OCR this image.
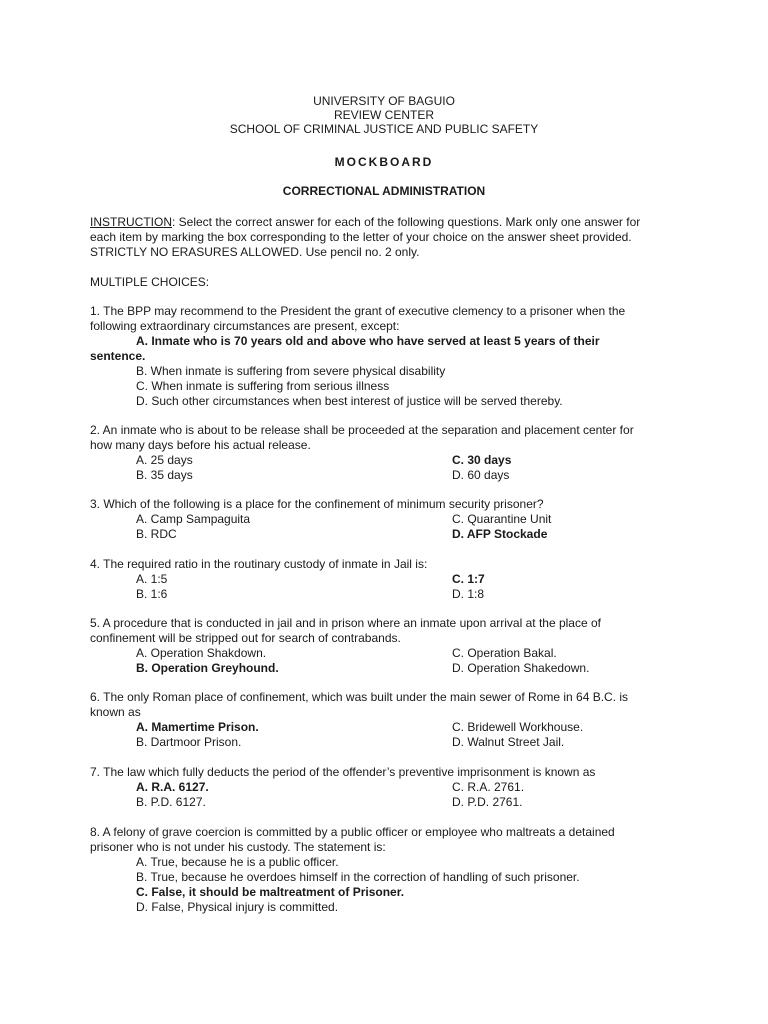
UNIVERSITY OF BAGUIO
REVIEW CENTER
SCHOOL OF CRIMINAL JUSTICE AND PUBLIC SAFETY
MOCKBOARD
CORRECTIONAL ADMINISTRATION

INSTRUCTION: Select the correct answer for each of the following questions. Mark only one answer for

each item by marking the box corresponding to the letter of your choice on the answer sheet provided.

STRICTLY NO ERASURES ALLOWED. Use pencil no. 2 only.

MULTIPLE CHOICES:

1. The BPP may recommend to the President the grant of executive clemency to a prisoner when the

following extraordinary circumstances are present, except:

A. Inmate who is 70 years old and above who have served at least 5 years of their

sentence.

B. When inmate is suffering from severe physical disability

C. When inmate is suffering from serious illness

D. Such other circumstances when best interest of justice will be served thereby.

2. An inmate who is about to be release shall be proceeded at the separation and placement center for

how many days before his actual release.

A. 25 days	C. 30 days
B. 35 days	D. 60 days

3. Which of the following is a place for the confinement of minimum security prisoner?

A. Camp Sampaguita	C. Quarantine Unit
B. RDC	D. AFP Stockade

4. The required ratio in the routinary custody of inmate in Jail is:

A. 1:5	C. 1:7
B. 1:6	D. 1:8

5. A procedure that is conducted in jail and in prison where an inmate upon arrival at the place of

confinement will be stripped out for search of contrabands.

A. Operation Shakdown.	C. Operation Bakal.
B. Operation Greyhound.	D. Operation Shakedown.

6. The only Roman place of confinement, which was built under the main sewer of Rome in 64 B.C. is

known as

A. Mamertime Prison.	C. Bridewell Workhouse.
B. Dartmoor Prison.	D. Walnut Street Jail.

7. The law which fully deducts the period of the offender’s preventive imprisonment is known as

A. R.A. 6127.	C. R.A. 2761.
B. P.D. 6127.	D. P.D. 2761.

8. A felony of grave coercion is committed by a public officer or employee who maltreats a detained

prisoner who is not under his custody. The statement is:

A. True, because he is a public officer.

B. True, because he overdoes himself in the correction of handling of such prisoner.

C. False, it should be maltreatment of Prisoner.

D. False, Physical injury is committed.
